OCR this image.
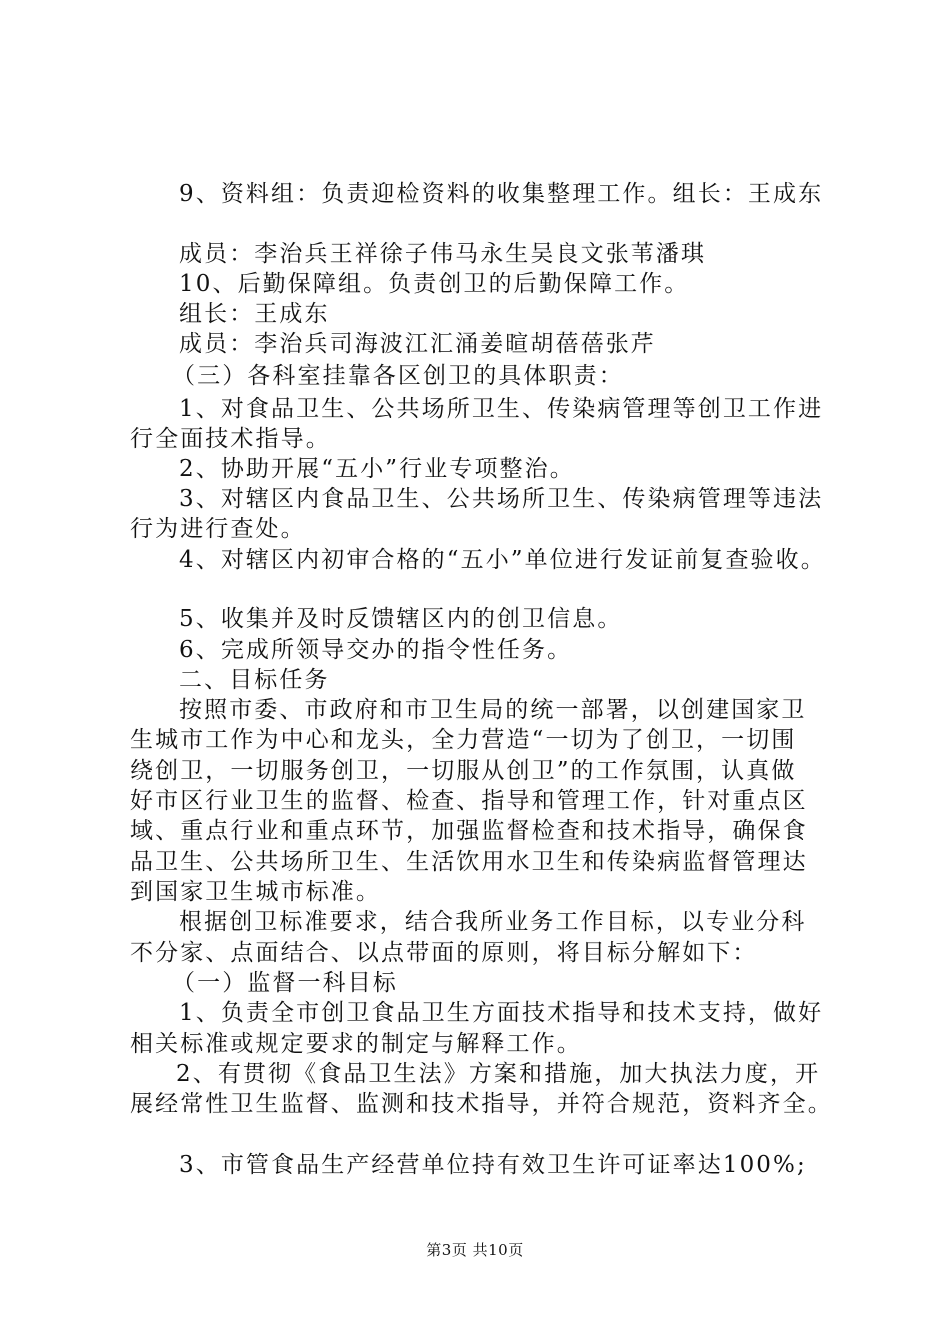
9、资料组：负责迎检资料的收集整理工作。组长：王成东
成员：李治兵王祥徐子伟马永生吴良文张苇潘琪
10、后勤保障组。负责创卫的后勤保障工作。
组长：王成东
成员：李治兵司海波江汇涌姜暄胡蓓蓓张芹
（三）各科室挂靠各区创卫的具体职责：
1、对食品卫生、公共场所卫生、传染病管理等创卫工作进
行全面技术指导。
2、协助开展“五小”行业专项整治。
3、对辖区内食品卫生、公共场所卫生、传染病管理等违法
行为进行查处。
4、对辖区内初审合格的“五小”单位进行发证前复查验收。
5、收集并及时反馈辖区内的创卫信息。
6、完成所领导交办的指令性任务。
二、目标任务
按照市委、市政府和市卫生局的统一部署，以创建国家卫
生城市工作为中心和龙头，全力营造“一切为了创卫，一切围
绕创卫，一切服务创卫，一切服从创卫”的工作氛围，认真做
好市区行业卫生的监督、检查、指导和管理工作，针对重点区
域、重点行业和重点环节，加强监督检查和技术指导，确保食
品卫生、公共场所卫生、生活饮用水卫生和传染病监督管理达
到国家卫生城市标准。
根据创卫标准要求，结合我所业务工作目标，以专业分科
不分家、点面结合、以点带面的原则，将目标分解如下：
（一）监督一科目标
1、负责全市创卫食品卫生方面技术指导和技术支持，做好
相关标准或规定要求的制定与解释工作。
2、有贯彻《食品卫生法》方案和措施，加大执法力度，开
展经常性卫生监督、监测和技术指导，并符合规范，资料齐全。
3、市管食品生产经营单位持有效卫生许可证率达100%;
第3页 共10页
